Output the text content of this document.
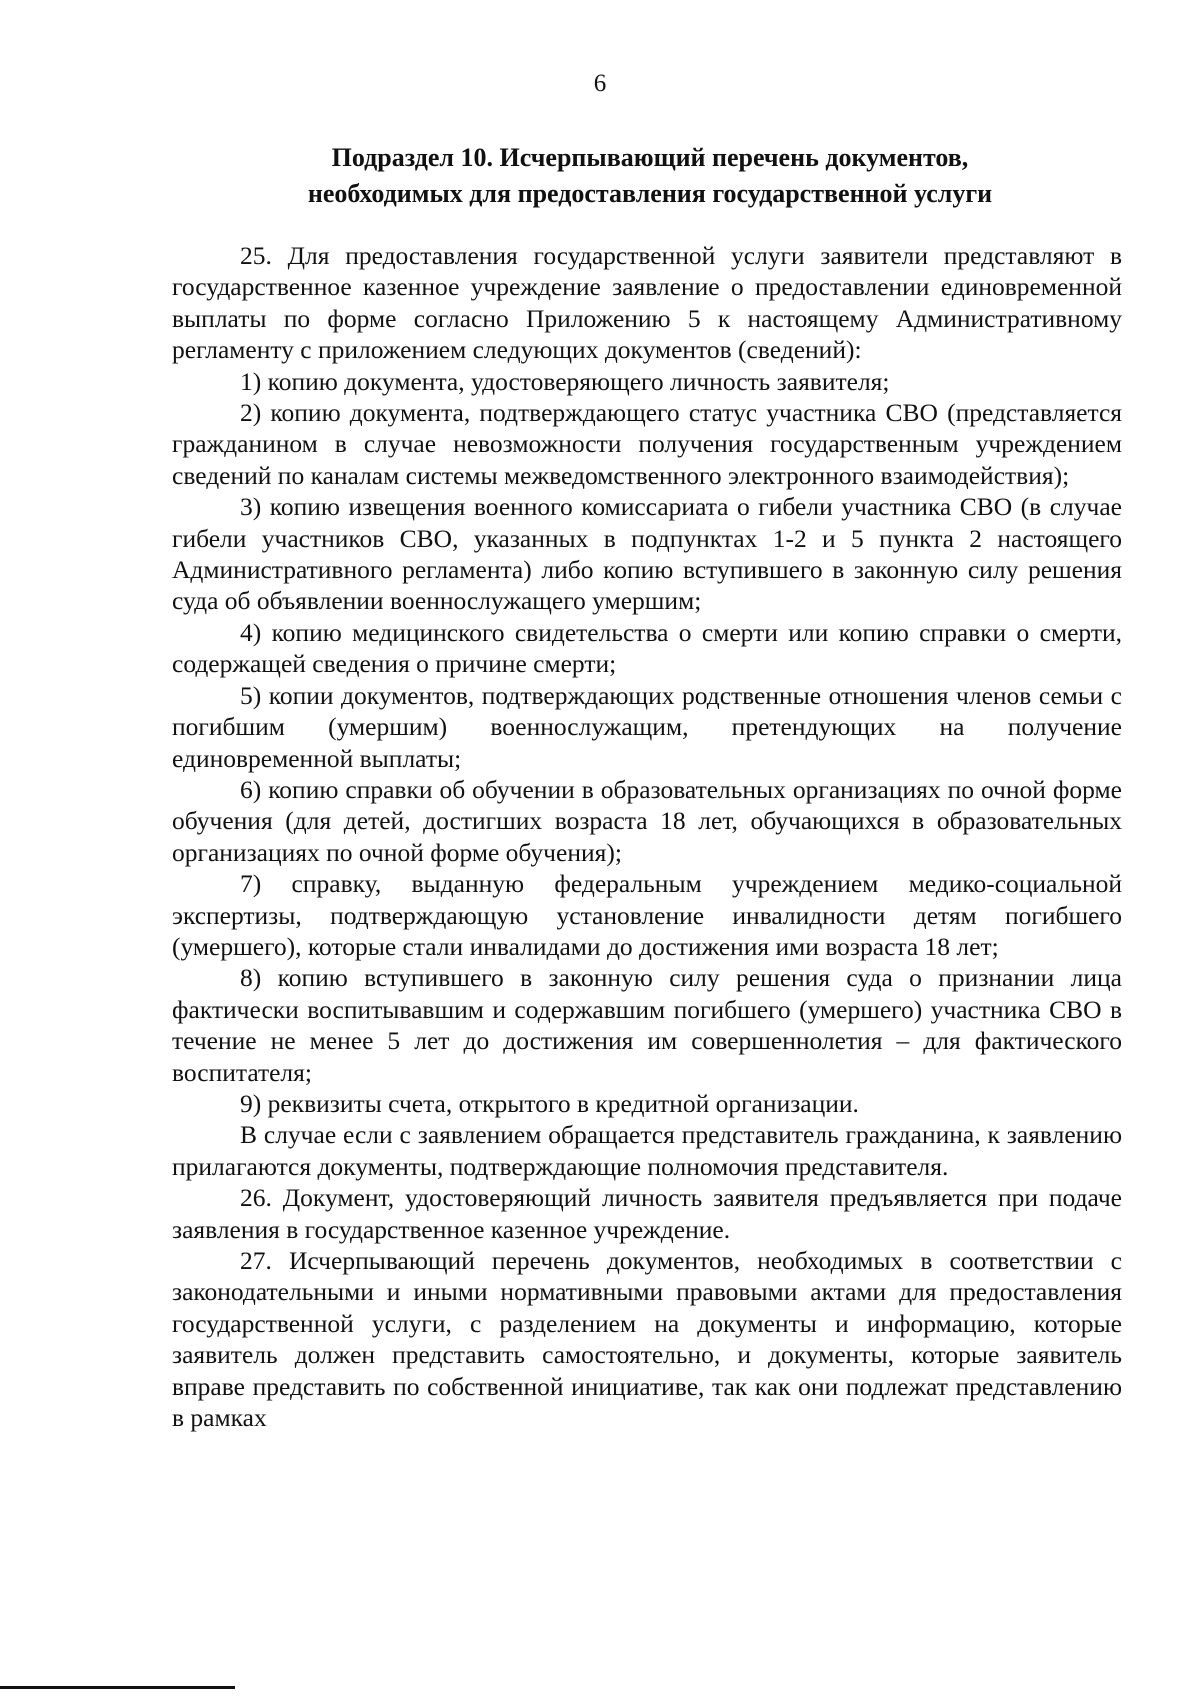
6
Подраздел 10. Исчерпывающий перечень документов,
необходимых для предоставления государственной услуги

25. Для предоставления государственной услуги заявители представляют в государственное казенное учреждение заявление о предоставлении единовременной выплаты по форме согласно Приложению 5 к настоящему Административному регламенту с приложением следующих документов (сведений):

1) копию документа, удостоверяющего личность заявителя;

2) копию документа, подтверждающего статус участника СВО (представляется гражданином в случае невозможности получения государственным учреждением сведений по каналам системы межведомственного электронного взаимодействия);

3) копию извещения военного комиссариата о гибели участника СВО (в случае гибели участников СВО, указанных в подпунктах 1-2 и 5 пункта 2 настоящего Административного регламента) либо копию вступившего в законную силу решения суда об объявлении военнослужащего умершим;

4) копию медицинского свидетельства о смерти или копию справки о смерти, содержащей сведения о причине смерти;

5) копии документов, подтверждающих родственные отношения членов семьи с погибшим (умершим) военнослужащим, претендующих на получение единовременной выплаты;

6) копию справки об обучении в образовательных организациях по очной форме обучения (для детей, достигших возраста 18 лет, обучающихся в образовательных организациях по очной форме обучения);

7) справку, выданную федеральным учреждением медико-социальной экспертизы, подтверждающую установление инвалидности детям погибшего (умершего), которые стали инвалидами до достижения ими возраста 18 лет;

8) копию вступившего в законную силу решения суда о признании лица фактически воспитывавшим и содержавшим погибшего (умершего) участника СВО в течение не менее 5 лет до достижения им совершеннолетия – для фактического воспитателя;

9) реквизиты счета, открытого в кредитной организации.

В случае если с заявлением обращается представитель гражданина, к заявлению прилагаются документы, подтверждающие полномочия представителя.

26. Документ, удостоверяющий личность заявителя предъявляется при подаче заявления в государственное казенное учреждение.

27. Исчерпывающий перечень документов, необходимых в соответствии с законодательными и иными нормативными правовыми актами для предоставления государственной услуги, с разделением на документы и информацию, которые заявитель должен представить самостоятельно, и документы, которые заявитель вправе представить по собственной инициативе, так как они подлежат представлению в рамках
